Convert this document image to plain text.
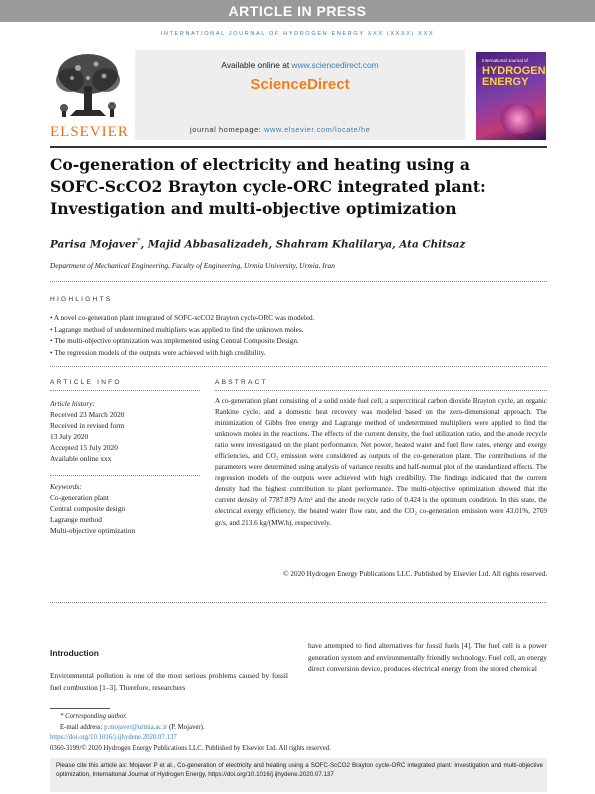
ARTICLE IN PRESS
INTERNATIONAL JOURNAL OF HYDROGEN ENERGY XXX (XXXX) XXX
ELSEVIER
Available online at www.sciencedirect.com
ScienceDirect
journal homepage: www.elsevier.com/locate/he
International Journal of
HYDROGEN ENERGY
Co-generation of electricity and heating using a
SOFC-ScCO2 Brayton cycle-ORC integrated plant:
Investigation and multi-objective optimization
Parisa Mojaver*, Majid Abbasalizadeh, Shahram Khalilarya, Ata Chitsaz
Department of Mechanical Engineering, Faculty of Engineering, Urmia University, Urmia, Iran
HIGHLIGHTS
• A novel co-generation plant integrated of SOFC-scCO2 Brayton cycle-ORC was modeled.
• Lagrange method of undetermined multipliers was applied to find the unknown moles.
• The multi-objective optimization was implemented using Central Composite Design.
• The regression models of the outputs were achieved with high credibility.
ARTICLE INFO
Article history:
Received 23 March 2020
Received in revised form
13 July 2020
Accepted 15 July 2020
Available online xxx
Keywords:
Co-generation plant
Central composite design
Lagrange method
Multi-objective optimization
ABSTRACT
A co-generation plant consisting of a solid oxide fuel cell, a supercritical carbon dioxide Brayton cycle, an organic Rankine cycle, and a domestic heat recovery was modeled based on the zero-dimensional approach. The minimization of Gibbs free energy and Lagrange method of undetermined multipliers were applied to find the unknown moles in the reactions. The effects of the current density, the fuel utilization ratio, and the anode recycle ratio were investigated on the plant performance. Net power, heated water and fuel flow rates, energy and exergy efficiencies, and CO₂ emission were considered as outputs of the co-generation plant. The contributions of the parameters were determined using analysis of variance results and half-normal plot of the standardized effects. The regression models of the outputs were achieved with high credibility. The findings indicated that the current density had the highest contribution to plant performance. The multi-objective optimization showed that the current density of 7787.879 A/m² and the anode recycle ratio of 0.424 is the optimum condition. In this state, the electrical exergy efficiency, the heated water flow rate, and the CO₂ co-generation emission were 43.01%, 2769 gr/s, and 213.6 kg/(MW.h), respectively.
© 2020 Hydrogen Energy Publications LLC. Published by Elsevier Ltd. All rights reserved.
Introduction
Environmental pollution is one of the most serious problems caused by fossil fuel combustion [1–3]. Therefore, researchers
have attempted to find alternatives for fossil fuels [4]. The fuel cell is a power generation system and environmentally friendly technology. Fuel cell, an energy direct conversion device, produces electrical energy from the stored chemical
* Corresponding author.
E-mail address: p.mojaver@urmia.ac.ir (P. Mojaver).
https://doi.org/10.1016/j.ijhydene.2020.07.137
0360-3199/© 2020 Hydrogen Energy Publications LLC. Published by Elsevier Ltd. All rights reserved.
Please cite this article as: Mojaver P et al., Co-generation of electricity and heating using a SOFC-ScCO2 Brayton cycle-ORC integrated plant: Investigation and multi-objective optimization, International Journal of Hydrogen Energy, https://doi.org/10.1016/j.ijhydene.2020.07.137
